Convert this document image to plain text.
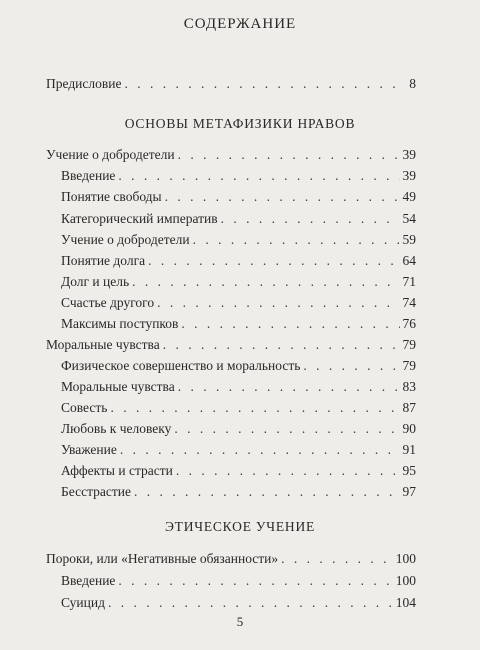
СОДЕРЖАНИЕ
Предисловие . . .	8
ОСНОВЫ МЕТАФИЗИКИ НРАВОВ
Учение о добродетели . . .	39
Введение . . .	39
Понятие свободы . . .	49
Категорический императив . . .	54
Учение о добродетели . . .	59
Понятие долга . . .	64
Долг и цель . . .	71
Счастье другого . . .	74
Максимы поступков . . .	76
Моральные чувства . . .	79
Физическое совершенство и моральность . . .	79
Моральные чувства . . .	83
Совесть . . .	87
Любовь к человеку . . .	90
Уважение . . .	91
Аффекты и страсти . . .	95
Бесстрастие . . .	97
ЭТИЧЕСКОЕ УЧЕНИЕ
Пороки, или «Негативные обязанности» . . .	100
Введение . . .	100
Суицид . . .	104
5
